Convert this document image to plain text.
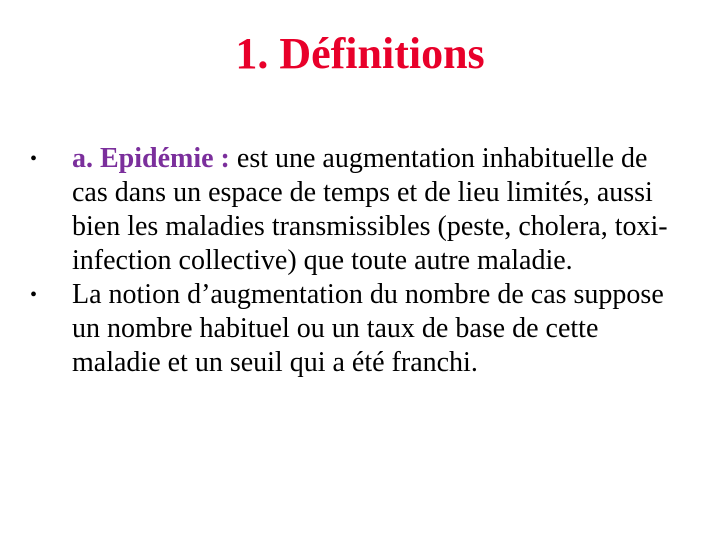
1. Définitions
•	a. Epidémie : est une augmentation inhabituelle de cas dans un espace de temps et de lieu limités, aussi bien les maladies transmissibles (peste, cholera, toxi-infection collective) que toute autre maladie.
•	La notion d’augmentation du nombre de cas suppose un nombre habituel ou un taux de base de cette maladie et un seuil qui a été franchi.
